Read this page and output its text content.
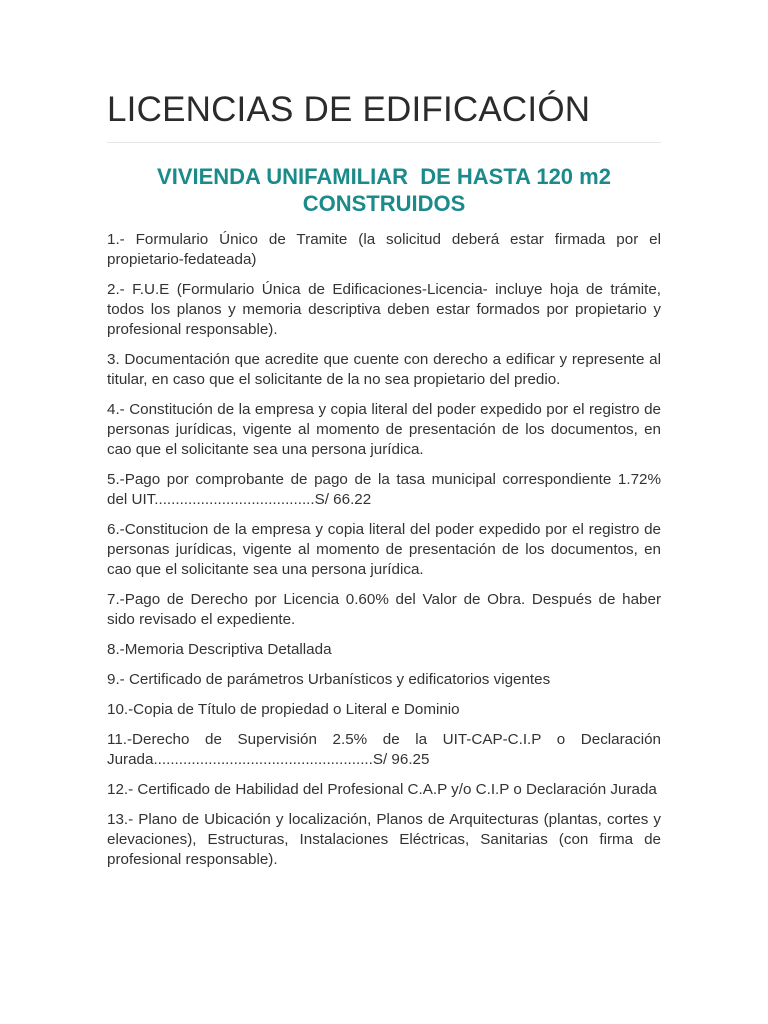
LICENCIAS DE EDIFICACIÓN
VIVIENDA UNIFAMILIAR  DE HASTA 120 m2 CONSTRUIDOS

1.- Formulario Único de Tramite (la solicitud deberá estar firmada por el propietario-fedateada)

2.- F.U.E (Formulario Única de Edificaciones-Licencia- incluye hoja de trámite, todos los planos y memoria descriptiva deben estar formados por propietario y profesional responsable).

3. Documentación que acredite que cuente con derecho a edificar y represente al titular, en caso que el solicitante de la no sea propietario del predio.

4.- Constitución de la empresa y copia literal del poder expedido por el registro de personas jurídicas, vigente al momento de presentación de los documentos, en cao que el solicitante sea una persona jurídica.

5.-Pago por comprobante de pago de la tasa municipal correspondiente 1.72% del UIT......................................S/ 66.22

6.-Constitucion de la empresa y copia literal del poder expedido por el registro de personas jurídicas, vigente al momento de presentación de los documentos, en cao que el solicitante sea una persona jurídica.

7.-Pago de Derecho por Licencia 0.60% del Valor de Obra. Después de haber sido revisado el expediente.

8.-Memoria Descriptiva Detallada

9.- Certificado de parámetros Urbanísticos y edificatorios vigentes

10.-Copia de Título de propiedad o Literal e Dominio

11.-Derecho de Supervisión 2.5% de la UIT-CAP-C.I.P o Declaración Jurada....................................................S/ 96.25

12.- Certificado de Habilidad del Profesional C.A.P y/o C.I.P o Declaración Jurada

13.- Plano de Ubicación y localización, Planos de Arquitecturas (plantas, cortes y elevaciones), Estructuras, Instalaciones Eléctricas, Sanitarias (con firma de profesional responsable).
